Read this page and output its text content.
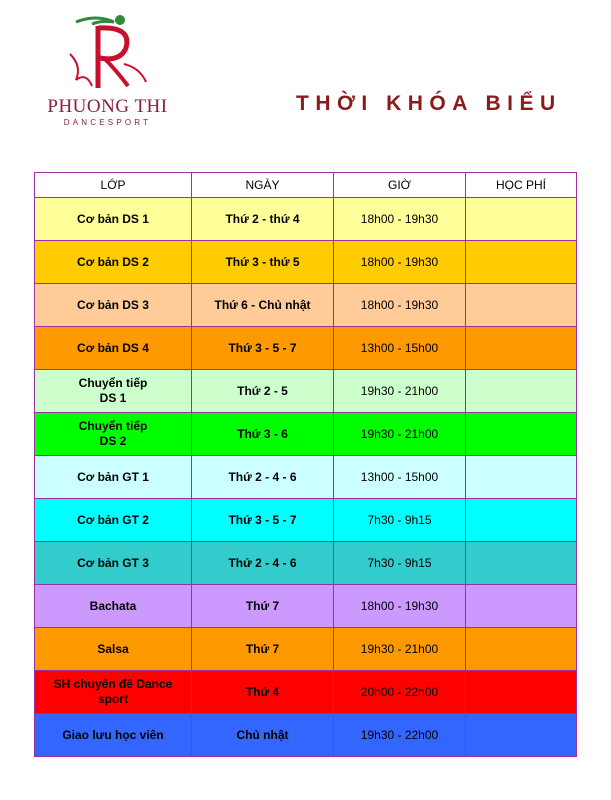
PHUONG THI
DANCESPORT
THỜI KHÓA BIỂU
LỚP	NGÀY	GIỜ	HỌC PHÍ
Cơ bản DS 1	Thứ 2 - thứ 4	18h00 - 19h30	
Cơ bản DS 2	Thứ 3 - thứ 5	18h00 - 19h30	
Cơ bản DS 3	Thứ 6 - Chủ nhật	18h00 - 19h30	
Cơ bản DS 4	Thứ 3 - 5 - 7	13h00 - 15h00	
Chuyển tiếp
DS 1	Thứ 2 - 5	19h30 - 21h00	
Chuyển tiếp
DS 2	Thứ 3 - 6	19h30 - 21h00	
Cơ bản GT 1	Thứ 2 - 4 - 6	13h00 - 15h00	
Cơ bản GT 2	Thứ 3 - 5 - 7	7h30 - 9h15	
Cơ bản GT 3	Thứ 2 - 4 - 6	7h30 - 9h15	
Bachata	Thứ 7	18h00 - 19h30	
Salsa	Thứ 7	19h30 - 21h00	
SH chuyên đề Dance
sport	Thứ 4	20h00 - 22h00	
Giao lưu học viên	Chủ nhật	19h30 - 22h00	
